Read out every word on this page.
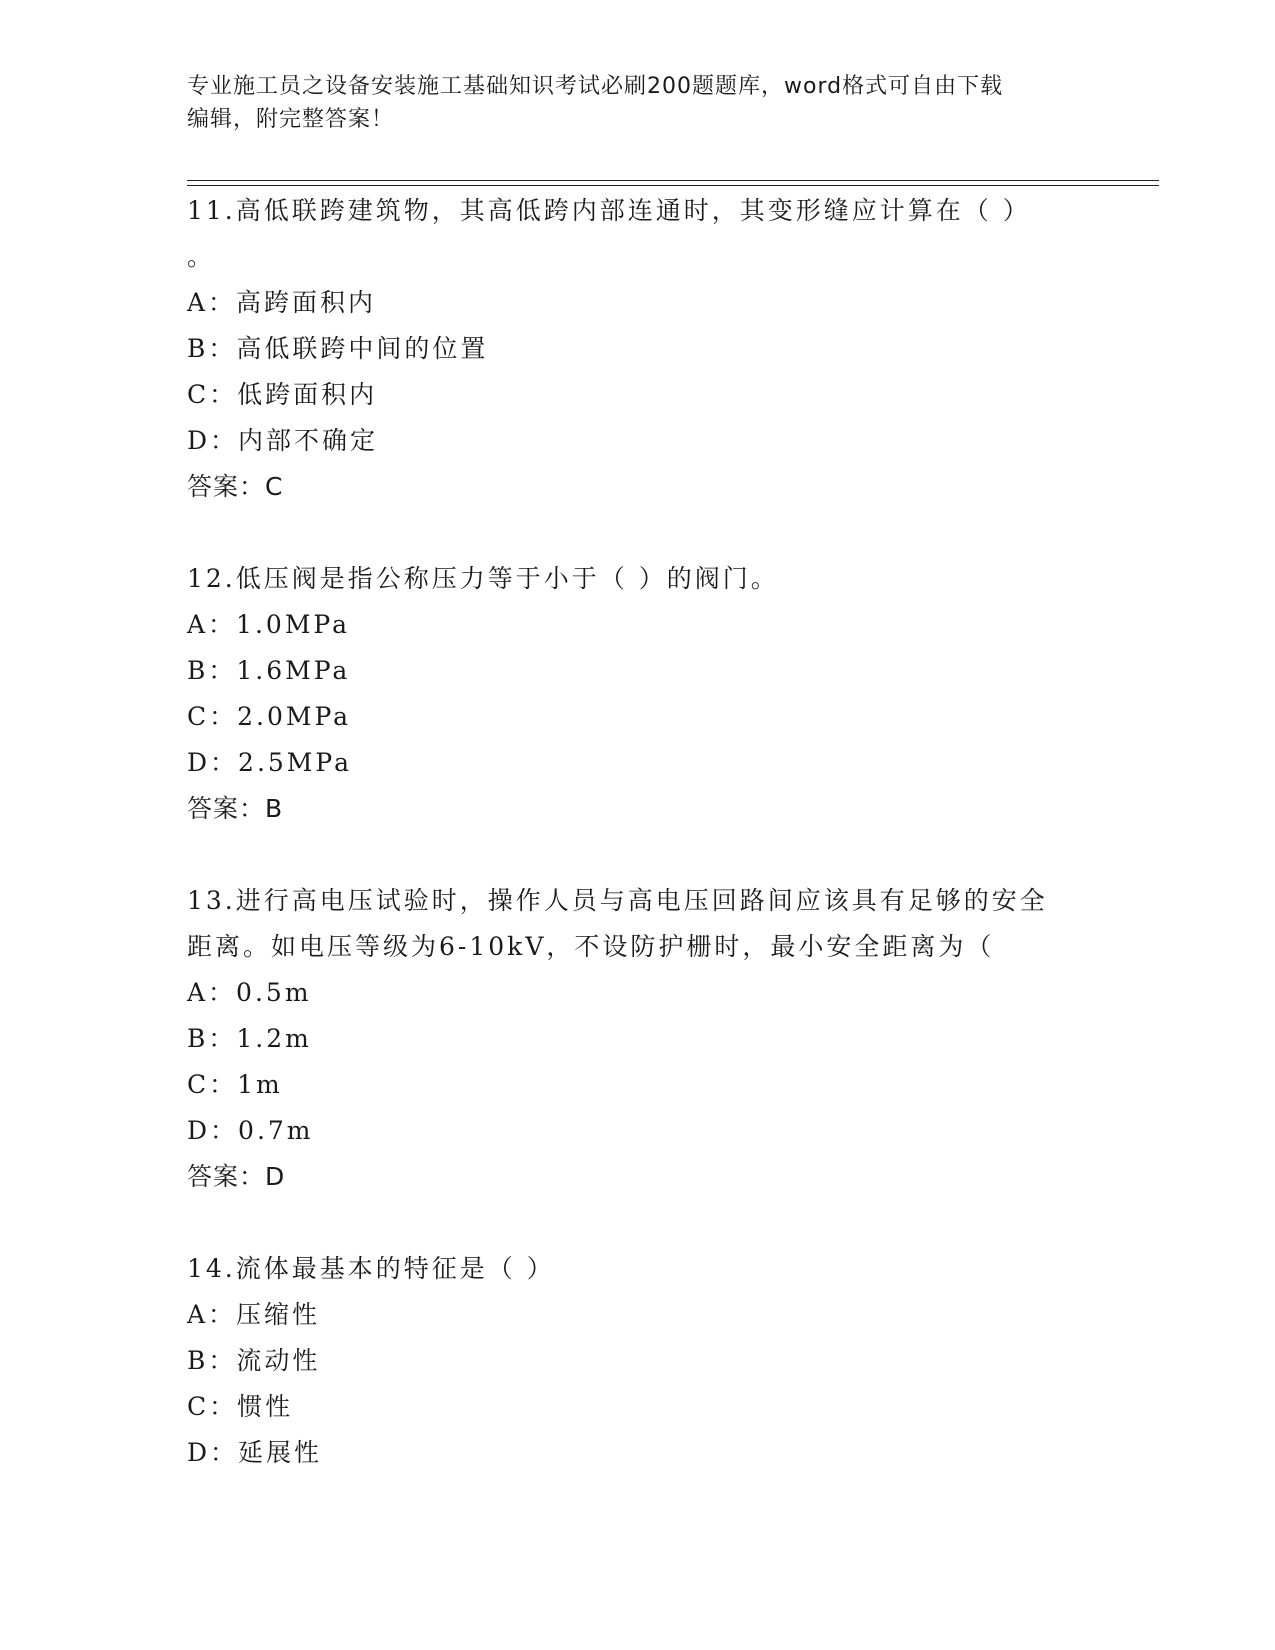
专业施工员之设备安装施工基础知识考试必刷200题题库，word格式可自由下载
编辑，附完整答案！
11.高低联跨建筑物，其高低跨内部连通时，其变形缝应计算在（ ）
。
A：高跨面积内
B：高低联跨中间的位置
C：低跨面积内
D：内部不确定
答案：C
12.低压阀是指公称压力等于小于（ ）的阀门。
A：1.0MPa
B：1.6MPa
C：2.0MPa
D：2.5MPa
答案：B
13.进行高电压试验时，操作人员与高电压回路间应该具有足够的安全
距离。如电压等级为6-10kV，不设防护栅时，最小安全距离为（
A：0.5m
B：1.2m
C：1m
D：0.7m
答案：D
14.流体最基本的特征是（ ）
A：压缩性
B：流动性
C：惯性
D：延展性
